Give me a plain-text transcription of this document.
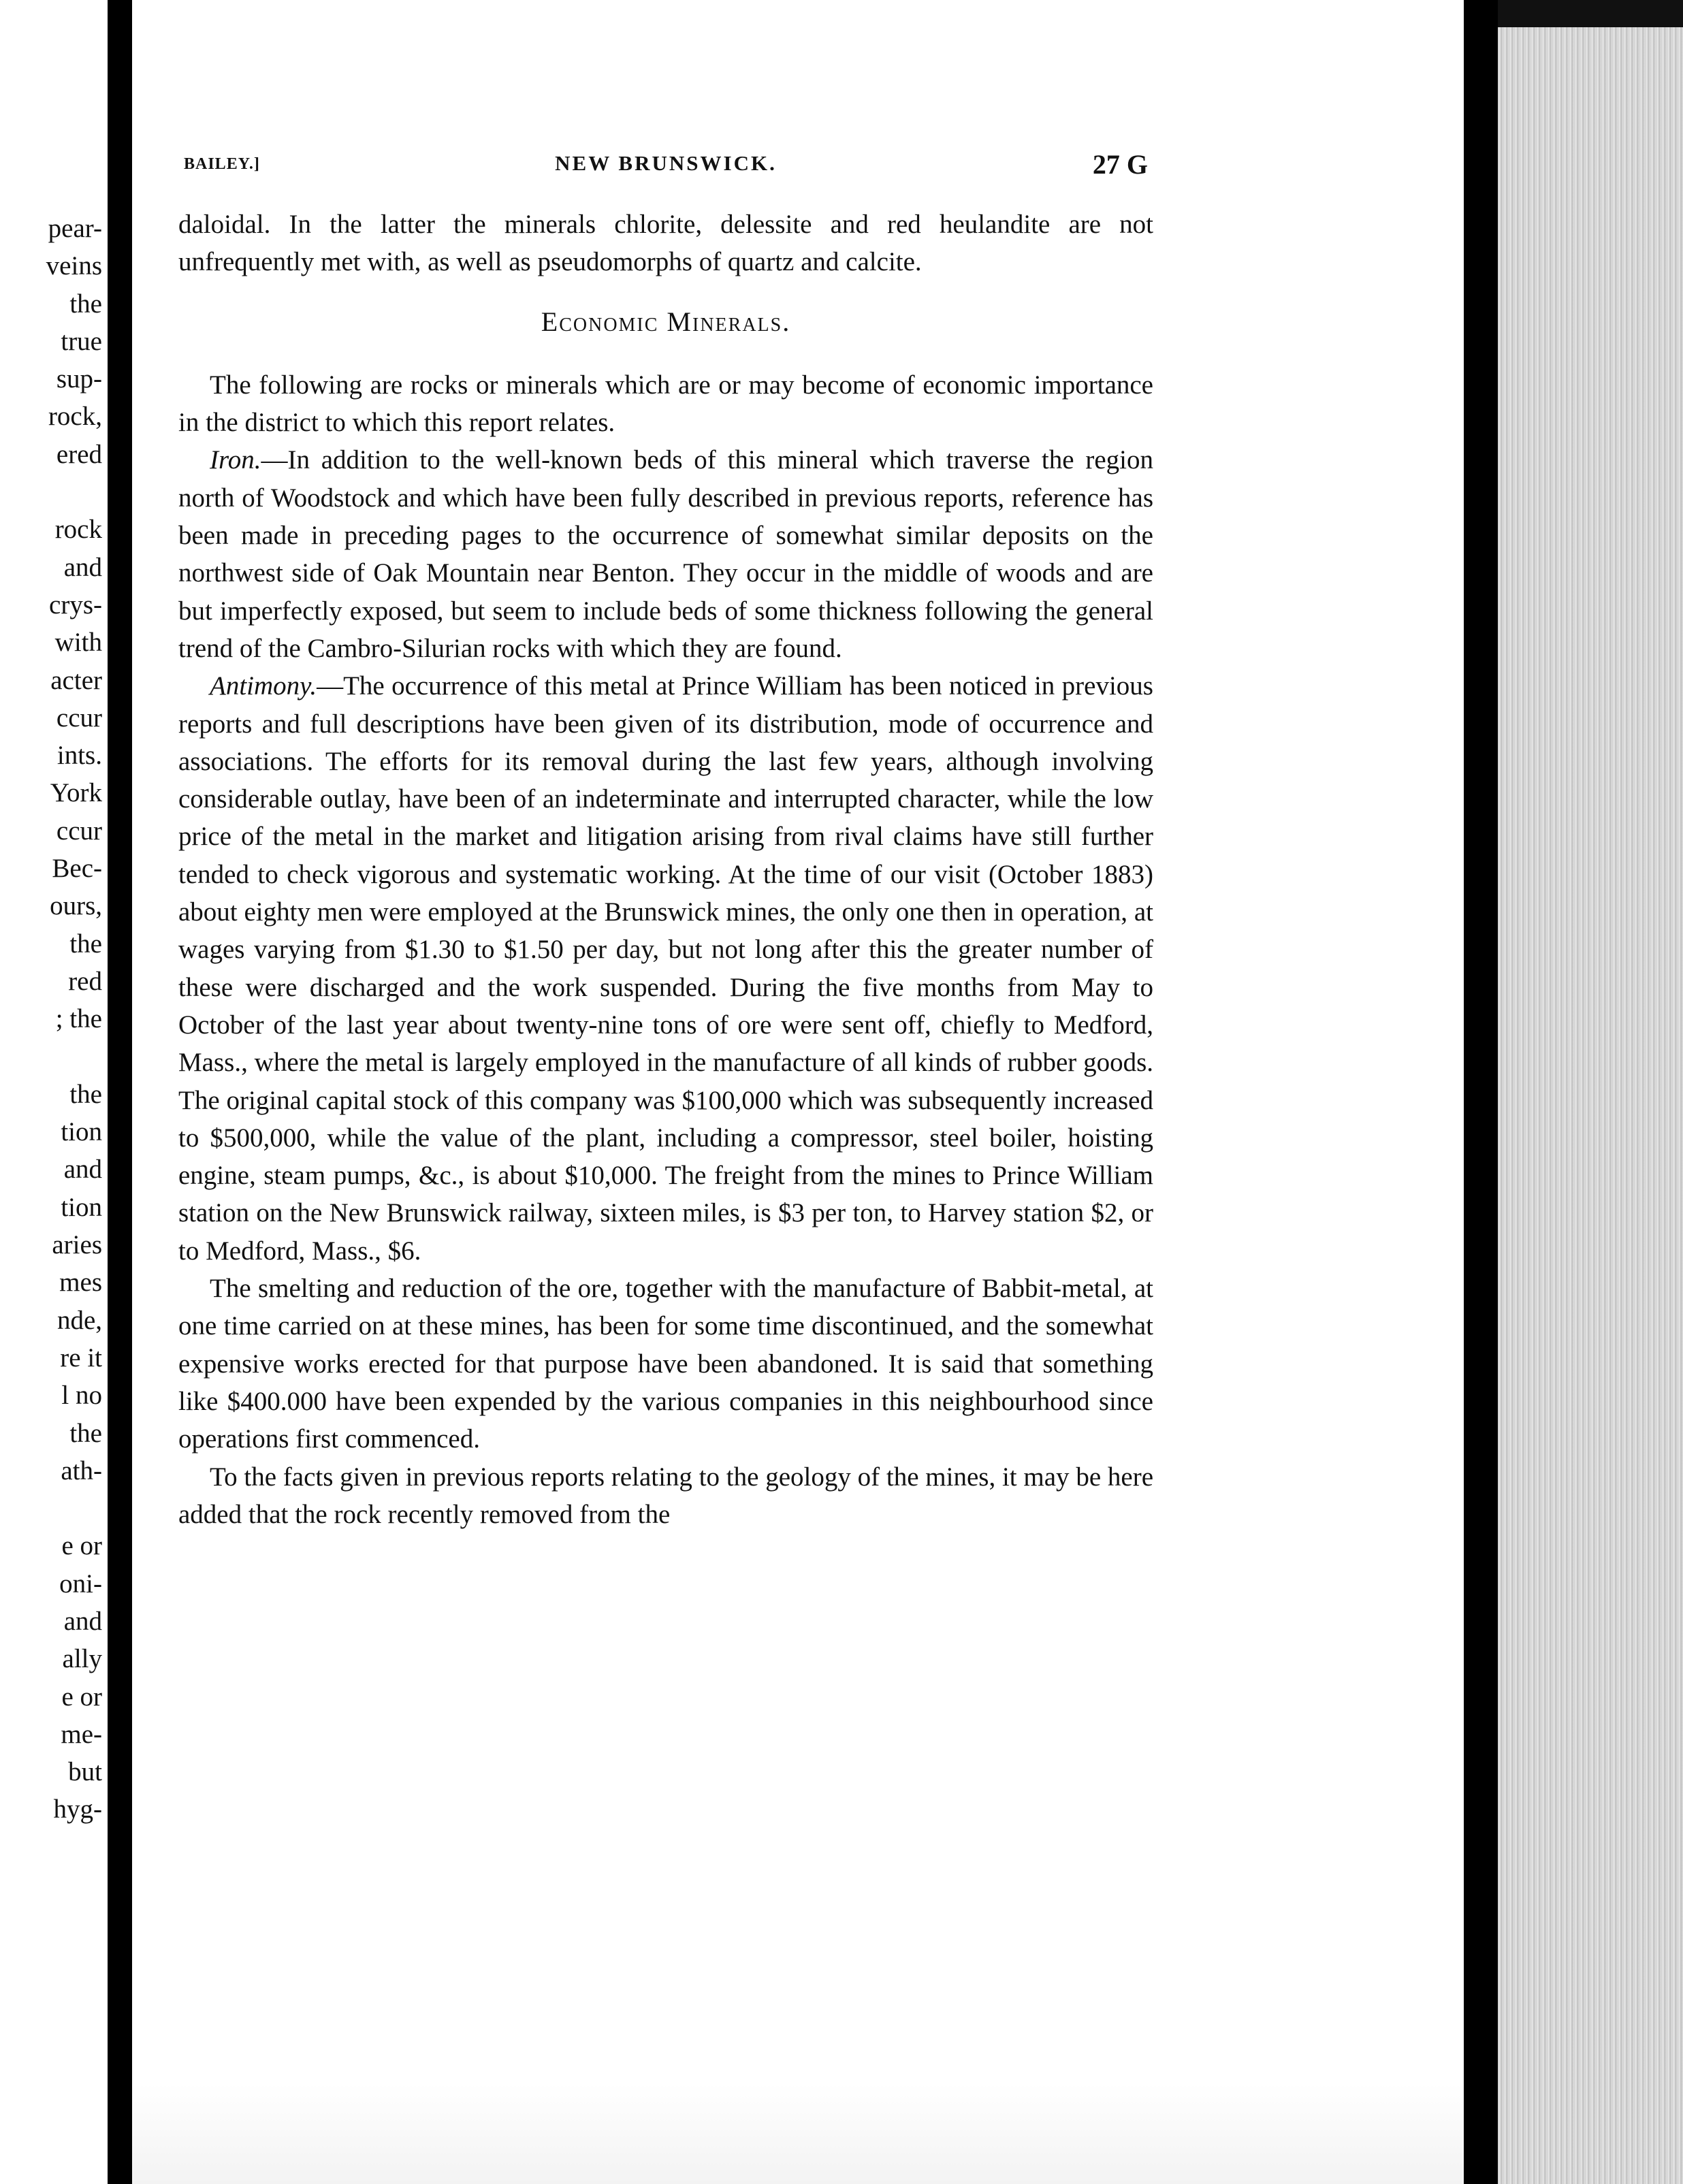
pear-
veins
the
true
sup-
rock,
ered
rock
and
crys-
with
acter
ccur
ints.
York
ccur
Bec-
ours,
the
red
; the
the
tion
and
tion
aries
mes
nde,
re it
l no
the
ath-
e or
oni-
and
ally
e or
me-
but
hyg-
BAILEY.]	NEW BRUNSWICK.	27 G

daloidal. In the latter the minerals chlorite, delessite and red heulandite are not unfrequently met with, as well as pseudomorphs of quartz and calcite.

Economic Minerals.

The following are rocks or minerals which are or may become of economic importance in the district to which this report relates.

Iron.—In addition to the well-known beds of this mineral which traverse the region north of Woodstock and which have been fully described in previous reports, reference has been made in preceding pages to the occurrence of somewhat similar deposits on the northwest side of Oak Mountain near Benton. They occur in the middle of woods and are but imperfectly exposed, but seem to include beds of some thickness following the general trend of the Cambro-Silurian rocks with which they are found.

Antimony.—The occurrence of this metal at Prince William has been noticed in previous reports and full descriptions have been given of its distribution, mode of occurrence and associations. The efforts for its removal during the last few years, although involving considerable outlay, have been of an indeterminate and interrupted character, while the low price of the metal in the market and litigation arising from rival claims have still further tended to check vigorous and systematic working. At the time of our visit (October 1883) about eighty men were employed at the Brunswick mines, the only one then in operation, at wages varying from $1.30 to $1.50 per day, but not long after this the greater number of these were discharged and the work suspended. During the five months from May to October of the last year about twenty-nine tons of ore were sent off, chiefly to Medford, Mass., where the metal is largely employed in the manufacture of all kinds of rubber goods. The original capital stock of this company was $100,000 which was subsequently increased to $500,000, while the value of the plant, including a compressor, steel boiler, hoisting engine, steam pumps, &c., is about $10,000. The freight from the mines to Prince William station on the New Brunswick railway, sixteen miles, is $3 per ton, to Harvey station $2, or to Medford, Mass., $6.

The smelting and reduction of the ore, together with the manufacture of Babbit-metal, at one time carried on at these mines, has been for some time discontinued, and the somewhat expensive works erected for that purpose have been abandoned. It is said that something like $400.000 have been expended by the various companies in this neighbourhood since operations first commenced.

To the facts given in previous reports relating to the geology of the mines, it may be here added that the rock recently removed from the
